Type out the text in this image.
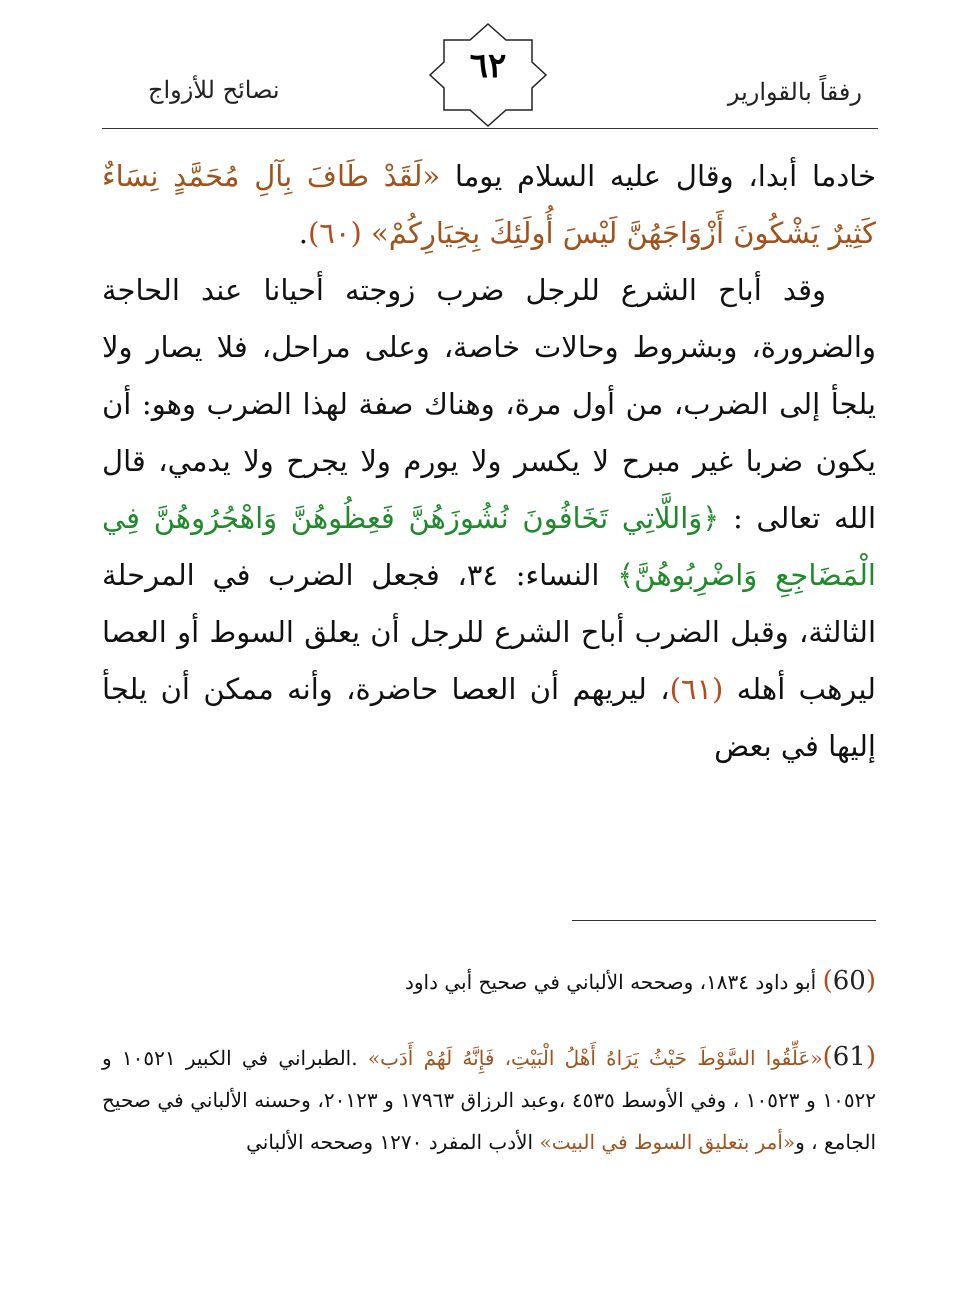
رفقاً بالقوارير
نصائح للأزواج
٦٢

خادما أبدا، وقال عليه السلام يوما «لَقَدْ طَافَ بِآلِ مُحَمَّدٍ نِسَاءٌ كَثِيرٌ يَشْكُونَ أَزْوَاجَهُنَّ لَيْسَ أُولَئِكَ بِخِيَارِكُمْ» (٦٠).

وقد أباح الشرع للرجل ضرب زوجته أحيانا عند الحاجة والضرورة، وبشروط وحالات خاصة، وعلى مراحل، فلا يصار ولا يلجأ إلى الضرب، من أول مرة، وهناك صفة لهذا الضرب وهو: أن يكون ضربا غير مبرح لا يكسر ولا يورم ولا يجرح ولا يدمي، قال الله تعالى : ﴿وَاللَّاتِي تَخَافُونَ نُشُوزَهُنَّ فَعِظُوهُنَّ وَاهْجُرُوهُنَّ فِي الْمَضَاجِعِ وَاضْرِبُوهُنَّ﴾ النساء: ٣٤، فجعل الضرب في المرحلة الثالثة، وقبل الضرب أباح الشرع للرجل أن يعلق السوط أو العصا ليرهب أهله (٦١)، ليريهم أن العصا حاضرة، وأنه ممكن أن يلجأ إليها في بعض

(60) أبو داود ١٨٣٤، وصححه الألباني في صحيح أبي داود
(61)«عَلِّقُوا السَّوْطَ حَيْثُ يَرَاهُ أَهْلُ الْبَيْتِ، فَإِنَّهُ لَهُمْ أَدَب» .الطبراني في الكبير ١٠٥٢١ و ١٠٥٢٢ و ١٠٥٢٣ ، وفي الأوسط ٤٥٣٥ ،وعبد الرزاق ١٧٩٦٣ و ٢٠١٢٣، وحسنه الألباني في صحيح الجامع ، و«أمر بتعليق السوط في البيت» الأدب المفرد ١٢٧٠ وصححه الألباني
